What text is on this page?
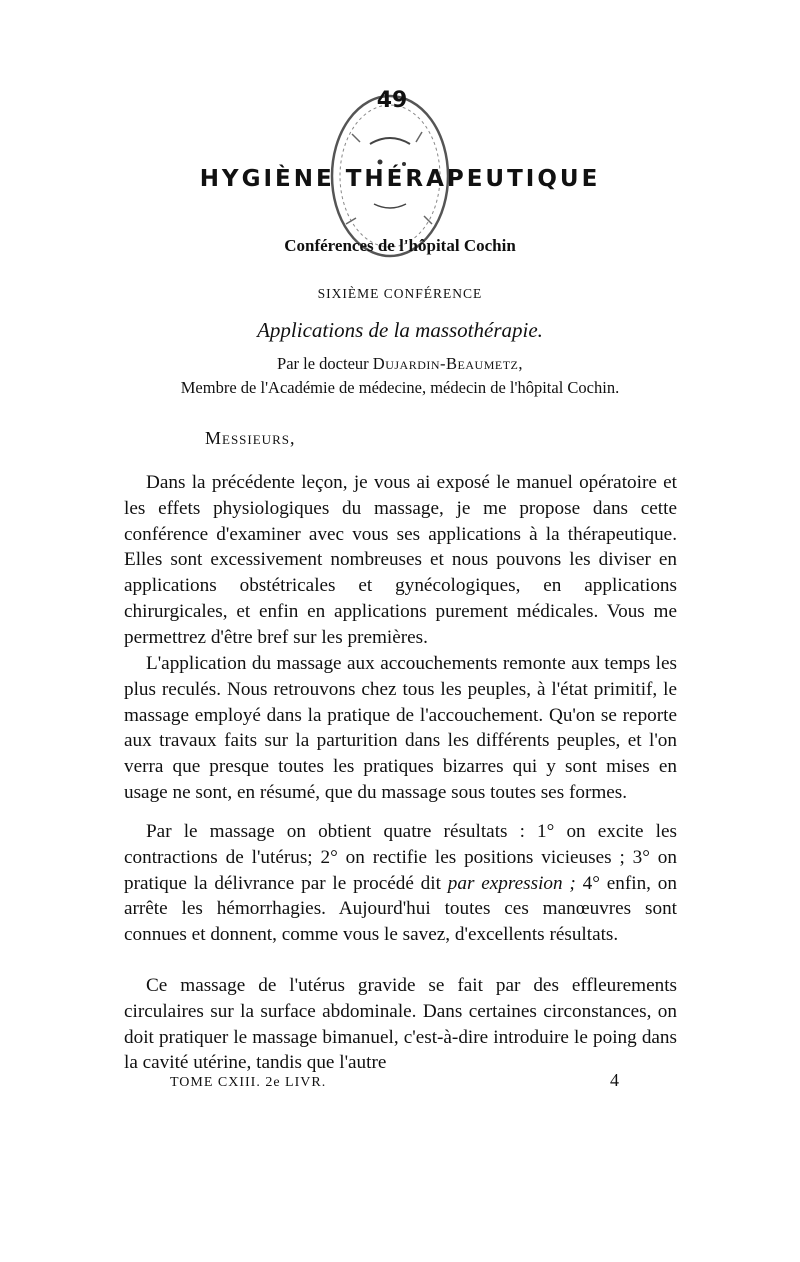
49
HYGIÈNE THÉRAPEUTIQUE
Conférences de l'hôpital Cochin
SIXIÈME CONFÉRENCE
Applications de la massothérapie.
Par le docteur Dujardin-Beaumetz,
Membre de l'Académie de médecine, médecin de l'hôpital Cochin.
Messieurs,
Dans la précédente leçon, je vous ai exposé le manuel opératoire et les effets physiologiques du massage, je me propose dans cette conférence d'examiner avec vous ses applications à la thérapeutique. Elles sont excessivement nombreuses et nous pouvons les diviser en applications obstétricales et gynécologiques, en applications chirurgicales, et enfin en applications purement médicales. Vous me permettrez d'être bref sur les premières.
L'application du massage aux accouchements remonte aux temps les plus reculés. Nous retrouvons chez tous les peuples, à l'état primitif, le massage employé dans la pratique de l'accouchement. Qu'on se reporte aux travaux faits sur la parturition dans les différents peuples, et l'on verra que presque toutes les pratiques bizarres qui y sont mises en usage ne sont, en résumé, que du massage sous toutes ses formes.
Par le massage on obtient quatre résultats : 1° on excite les contractions de l'utérus; 2° on rectifie les positions vicieuses ; 3° on pratique la délivrance par le procédé dit par expression ; 4° enfin, on arrête les hémorrhagies. Aujourd'hui toutes ces manœuvres sont connues et donnent, comme vous le savez, d'excellents résultats.
Ce massage de l'utérus gravide se fait par des effleurements circulaires sur la surface abdominale. Dans certaines circonstances, on doit pratiquer le massage bimanuel, c'est-à-dire introduire le poing dans la cavité utérine, tandis que l'autre
TOME CXIII. 2e LIVR.	4
